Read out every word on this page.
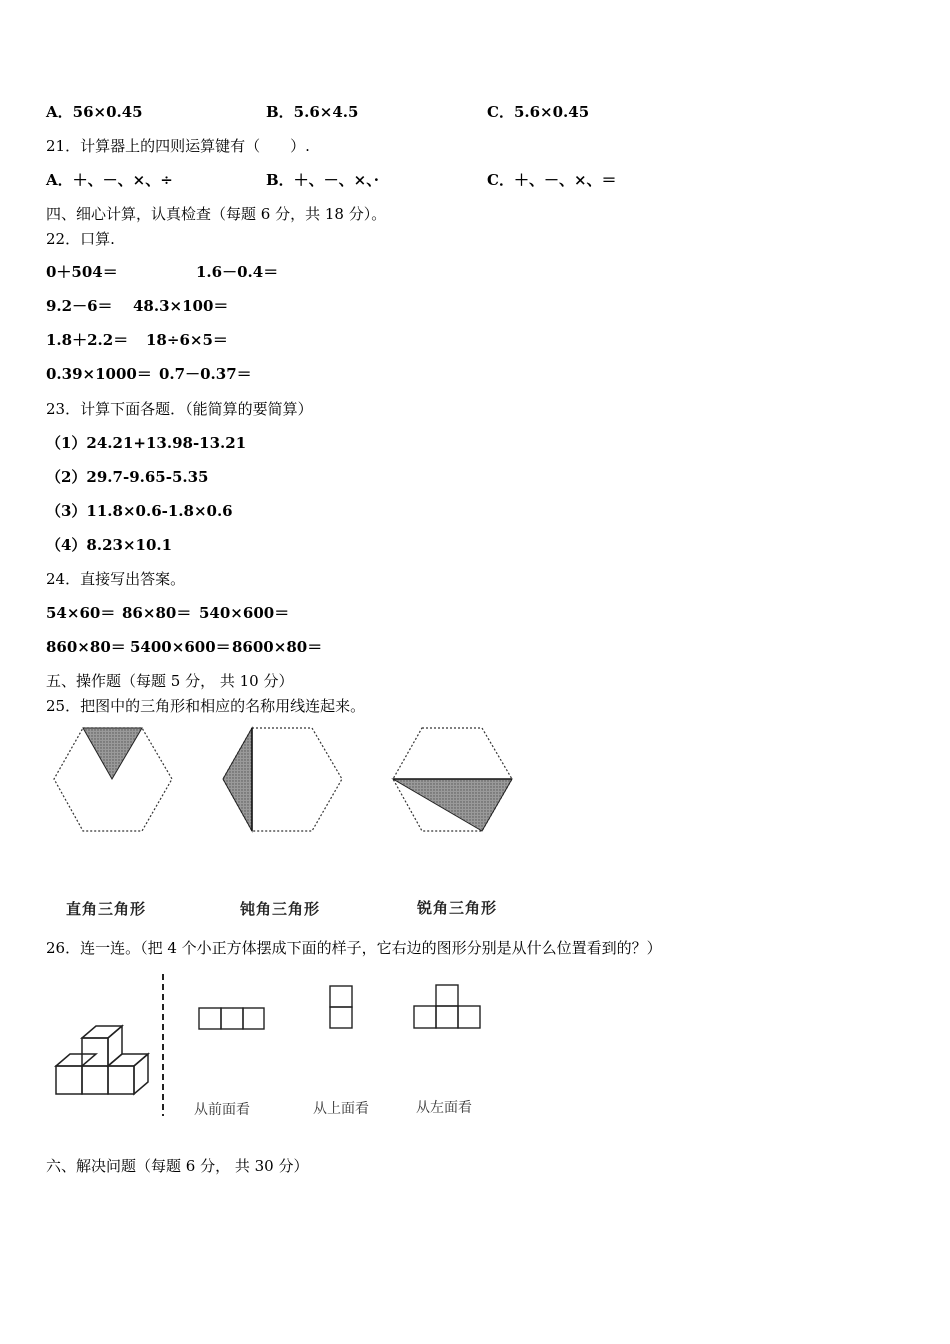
A．56×0.45	B．5.6×4.5	C．5.6×0.45
21．计算器上的四则运算键有（　　）.
A．＋、－、×、÷	B．＋、－、×、·	C．＋、－、×、＝
四、细心计算，认真检查（每题 6 分，共 18 分）。
22．口算.
0＋504＝	1.6－0.4＝
9.2－6＝ 48.3×100＝
1.8＋2.2＝ 18÷6×5＝
0.39×1000＝ 0.7－0.37＝
23．计算下面各题．（能简算的要简算）
（1）24.21+13.98-13.21
（2）29.7-9.65-5.35
（3）11.8×0.6-1.8×0.6
（4）8.23×10.1
24．直接写出答案。
54×60＝ 86×80＝ 540×600＝
860×80＝ 5400×600＝ 8600×80＝
五、操作题（每题 5 分， 共 10 分）
25．把图中的三角形和相应的名称用线连起来。
直角三角形	钝角三角形	锐角三角形
26．连一连。（把 4 个小正方体摆成下面的样子，它右边的图形分别是从什么位置看到的？）
从前面看	从上面看	从左面看
六、解决问题（每题 6 分， 共 30 分）
